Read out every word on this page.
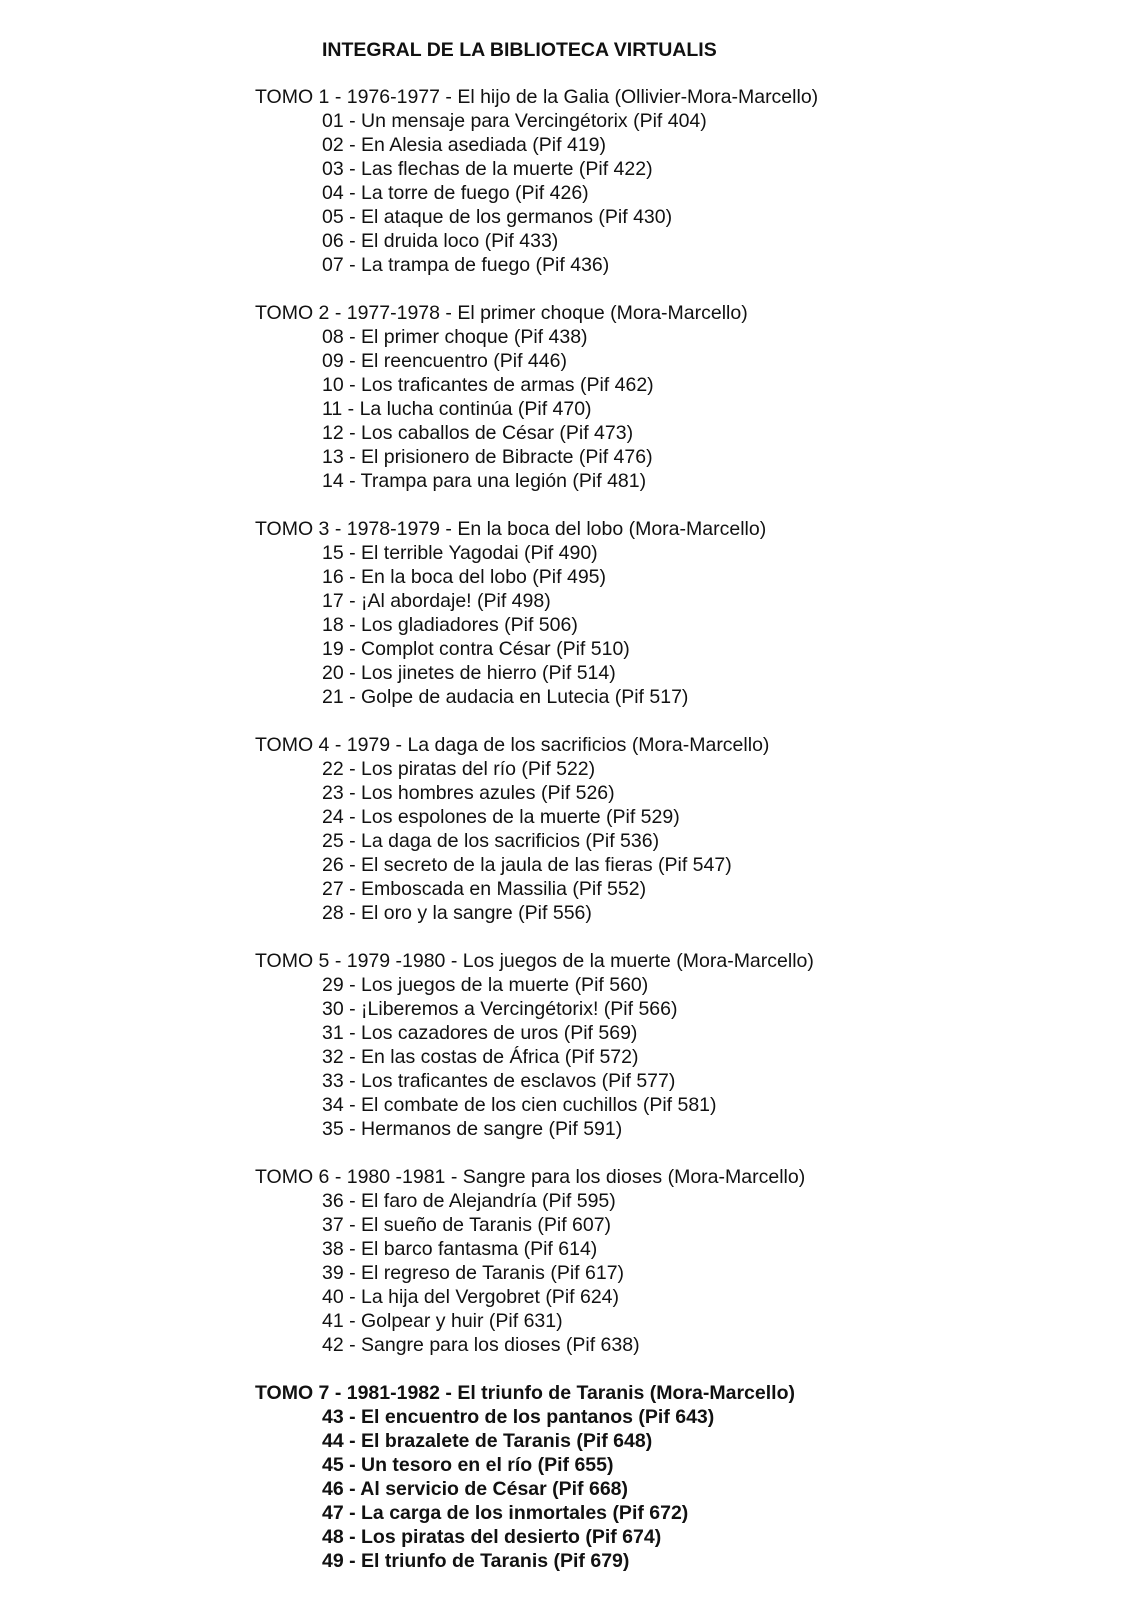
INTEGRAL DE LA BIBLIOTECA VIRTUALIS
TOMO 1 - 1976-1977 - El hijo de la Galia (Ollivier-Mora-Marcello)
01 - Un mensaje para Vercingétorix (Pif 404)
02 - En Alesia asediada (Pif 419)
03 - Las flechas de la muerte (Pif 422)
04 - La torre de fuego (Pif 426)
05 - El ataque de los germanos (Pif 430)
06 - El druida loco (Pif 433)
07 - La trampa de fuego (Pif 436)
TOMO 2 - 1977-1978 - El primer choque (Mora-Marcello)
08 - El primer choque (Pif 438)
09 - El reencuentro (Pif 446)
10 - Los traficantes de armas (Pif 462)
11 - La lucha continúa (Pif 470)
12 - Los caballos de César (Pif 473)
13 - El prisionero de Bibracte (Pif 476)
14 - Trampa para una legión (Pif 481)
TOMO 3 - 1978-1979 - En la boca del lobo (Mora-Marcello)
15 - El terrible Yagodai (Pif 490)
16 - En la boca del lobo (Pif 495)
17 - ¡Al abordaje! (Pif 498)
18 - Los gladiadores (Pif 506)
19 - Complot contra César (Pif 510)
20 - Los jinetes de hierro (Pif 514)
21 - Golpe de audacia en Lutecia (Pif 517)
TOMO 4 - 1979 - La daga de los sacrificios (Mora-Marcello)
22 - Los piratas del río (Pif 522)
23 - Los hombres azules (Pif 526)
24 - Los espolones de la muerte (Pif 529)
25 - La daga de los sacrificios (Pif 536)
26 - El secreto de la jaula de las fieras (Pif 547)
27 - Emboscada en Massilia (Pif 552)
28 - El oro y la sangre (Pif 556)
TOMO 5 - 1979 -1980 - Los juegos de la muerte (Mora-Marcello)
29 - Los juegos de la muerte (Pif 560)
30 - ¡Liberemos a Vercingétorix! (Pif 566)
31 - Los cazadores de uros (Pif 569)
32 - En las costas de África (Pif 572)
33 - Los traficantes de esclavos (Pif 577)
34 - El combate de los cien cuchillos (Pif 581)
35 - Hermanos de sangre (Pif 591)
TOMO 6 - 1980 -1981 - Sangre para los dioses (Mora-Marcello)
36 - El faro de Alejandría (Pif 595)
37 - El sueño de Taranis (Pif 607)
38 - El barco fantasma (Pif 614)
39 - El regreso de Taranis (Pif 617)
40 - La hija del Vergobret (Pif 624)
41 - Golpear y huir (Pif 631)
42 - Sangre para los dioses (Pif 638)
TOMO 7 - 1981-1982 - El triunfo de Taranis (Mora-Marcello)
43 - El encuentro de los pantanos (Pif 643)
44 - El brazalete de Taranis (Pif 648)
45 - Un tesoro en el río (Pif 655)
46 - Al servicio de César (Pif 668)
47 - La carga de los inmortales (Pif 672)
48 - Los piratas del desierto (Pif 674)
49 - El triunfo de Taranis (Pif 679)
